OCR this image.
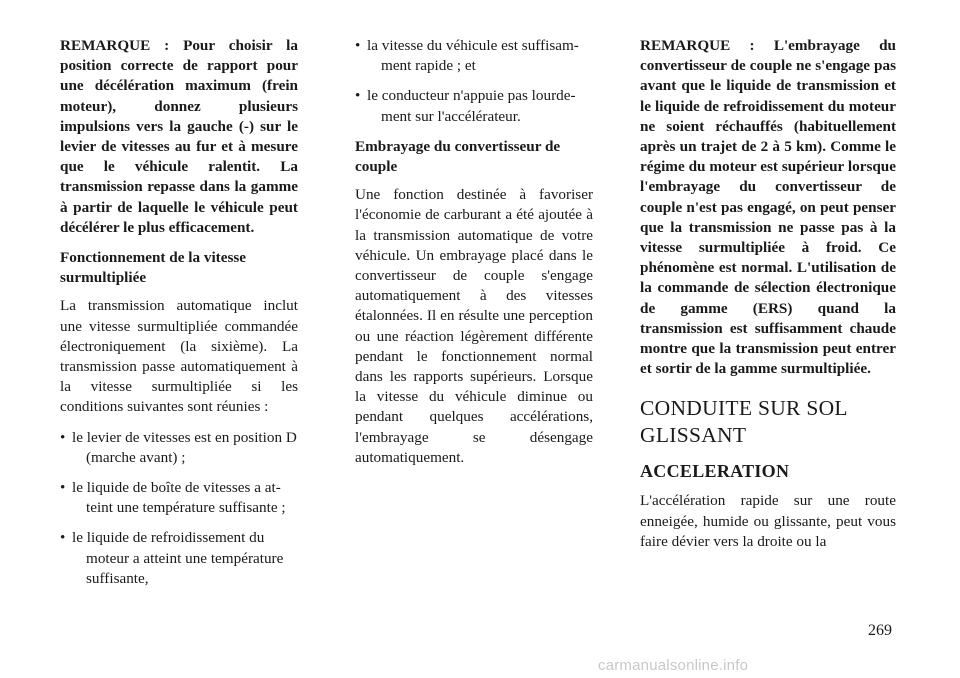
REMARQUE : Pour choisir la position correcte de rapport pour une décélération maximum (frein moteur), donnez plusieurs impulsions vers la gauche (-) sur le levier de vitesses au fur et à mesure que le véhicule ralentit. La transmission repasse dans la gamme à partir de laquelle le véhicule peut décélérer le plus efficacement.

Fonctionnement de la vitesse surmultipliée

La transmission automatique inclut une vitesse surmultipliée commandée électroniquement (la sixième). La transmission passe automatiquement à la vitesse surmultipliée si les conditions suivantes sont réunies :

• le levier de vitesses est en position D
(marche avant) ;
• le liquide de boîte de vitesses a at-
teint une température suffisante ;
• le liquide de refroidissement du
moteur a atteint une température suffisante,
• la vitesse du véhicule est suffisam-
ment rapide ; et
• le conducteur n'appuie pas lourde-
ment sur l'accélérateur.

Embrayage du convertisseur de couple

Une fonction destinée à favoriser l'économie de carburant a été ajoutée à la transmission automatique de votre véhicule. Un embrayage placé dans le convertisseur de couple s'engage automatiquement à des vitesses étalonnées. Il en résulte une perception ou une réaction légèrement différente pendant le fonctionnement normal dans les rapports supérieurs. Lorsque la vitesse du véhicule diminue ou pendant quelques accélérations, l'embrayage se désengage automatiquement.

REMARQUE : L'embrayage du convertisseur de couple ne s'engage pas avant que le liquide de transmission et le liquide de refroidissement du moteur ne soient réchauffés (habituellement après un trajet de 2 à 5 km). Comme le régime du moteur est supérieur lorsque l'embrayage du convertisseur de couple n'est pas engagé, on peut penser que la transmission ne passe pas à la vitesse surmultipliée à froid. Ce phénomène est normal. L'utilisation de la commande de sélection électronique de gamme (ERS) quand la transmission est suffisamment chaude montre que la transmission peut entrer et sortir de la gamme surmultipliée.

CONDUITE SUR SOL GLISSANT
ACCELERATION

L'accélération rapide sur une route enneigée, humide ou glissante, peut vous faire dévier vers la droite ou la

269
carmanualsonline.info
